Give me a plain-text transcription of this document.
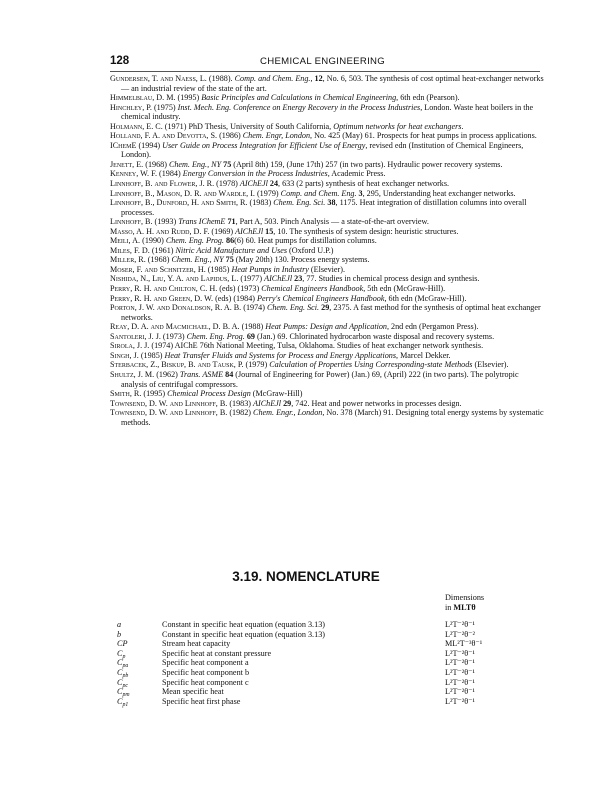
128	CHEMICAL ENGINEERING

Gundersen, T. and Naess, L. (1988). Comp. and Chem. Eng., 12, No. 6, 503. The synthesis of cost optimal heat-exchanger networks — an industrial review of the state of the art.

Himmelblau, D. M. (1995) Basic Principles and Calculations in Chemical Engineering, 6th edn (Pearson).

Hinchley, P. (1975) Inst. Mech. Eng. Conference on Energy Recovery in the Process Industries, London. Waste heat boilers in the chemical industry.

Holmann, E. C. (1971) PhD Thesis, University of South California, Optimum networks for heat exchangers.

Holland, F. A. and Devotta, S. (1986) Chem. Engr, London, No. 425 (May) 61. Prospects for heat pumps in process applications.

IChemE (1994) User Guide on Process Integration for Efficient Use of Energy, revised edn (Institution of Chemical Engineers, London).

Jenett, E. (1968) Chem. Eng., NY 75 (April 8th) 159, (June 17th) 257 (in two parts). Hydraulic power recovery systems.

Kenney, W. F. (1984) Energy Conversion in the Process Industries, Academic Press.

Linnhoff, B. and Flower, J. R. (1978) AIChEJl 24, 633 (2 parts) synthesis of heat exchanger networks.

Linnhoff, B., Mason, D. R. and Wardle, I. (1979) Comp. and Chem. Eng. 3, 295, Understanding heat exchanger networks.

Linnhoff, B., Dunford, H. and Smith, R. (1983) Chem. Eng. Sci. 38, 1175. Heat integration of distillation columns into overall processes.

Linnhoff, B. (1993) Trans IChemE 71, Part A, 503. Pinch Analysis — a state-of-the-art overview.

Masso, A. H. and Rudd, D. F. (1969) AIChEJl 15, 10. The synthesis of system design: heuristic structures.

Meili, A. (1990) Chem. Eng. Prog. 86(6) 60. Heat pumps for distillation columns.

Miles, F. D. (1961) Nitric Acid Manufacture and Uses (Oxford U.P.)

Miller, R. (1968) Chem. Eng., NY 75 (May 20th) 130. Process energy systems.

Moser, F. and Schnitzer, H. (1985) Heat Pumps in Industry (Elsevier).

Nishida, N., Liu, Y. A. and Lapidus, L. (1977) AIChEJl 23, 77. Studies in chemical process design and synthesis.

Perry, R. H. and Chilton, C. H. (eds) (1973) Chemical Engineers Handbook, 5th edn (McGraw-Hill).

Perry, R. H. and Green, D. W. (eds) (1984) Perry's Chemical Engineers Handbook, 6th edn (McGraw-Hill).

Porton, J. W. and Donaldson, R. A. B. (1974) Chem. Eng. Sci. 29, 2375. A fast method for the synthesis of optimal heat exchanger networks.

Reay, D. A. and Macmichael, D. B. A. (1988) Heat Pumps: Design and Application, 2nd edn (Pergamon Press).

Santoleri, J. J. (1973) Chem. Eng. Prog. 69 (Jan.) 69. Chlorinated hydrocarbon waste disposal and recovery systems.

Sirola, J. J. (1974) AIChE 76th National Meeting, Tulsa, Oklahoma. Studies of heat exchanger network synthesis.

Singh, J. (1985) Heat Transfer Fluids and Systems for Process and Energy Applications, Marcel Dekker.

Sterbacek, Z., Biskup, B. and Tausk, P. (1979) Calculation of Properties Using Corresponding-state Methods (Elsevier).

Shultz, J. M. (1962) Trans. ASME 84 (Journal of Engineering for Power) (Jan.) 69, (April) 222 (in two parts). The polytropic analysis of centrifugal compressors.

Smith, R. (1995) Chemical Process Design (McGraw-Hill)

Townsend, D. W. and Linnhoff, B. (1983) AIChEJl 29, 742. Heat and power networks in processes design.

Townsend, D. W. and Linnhoff, B. (1982) Chem. Engr., London, No. 378 (March) 91. Designing total energy systems by systematic methods.

3.19. NOMENCLATURE
Dimensions
in MLTθ
a	Constant in specific heat equation (equation 3.13)	L²T⁻²θ⁻¹
b	Constant in specific heat equation (equation 3.13)	L²T⁻²θ⁻²
CP	Stream heat capacity	ML²T⁻³θ⁻¹
$C_p$	Specific heat at constant pressure	L²T⁻²θ⁻¹
$C_{pa}$	Specific heat component a	L²T⁻²θ⁻¹
$C_{pb}$	Specific heat component b	L²T⁻²θ⁻¹
$C_{pc}$	Specific heat component c	L²T⁻²θ⁻¹
$C_{pm}$	Mean specific heat	L²T⁻²θ⁻¹
$C_{p1}$	Specific heat first phase	L²T⁻²θ⁻¹
